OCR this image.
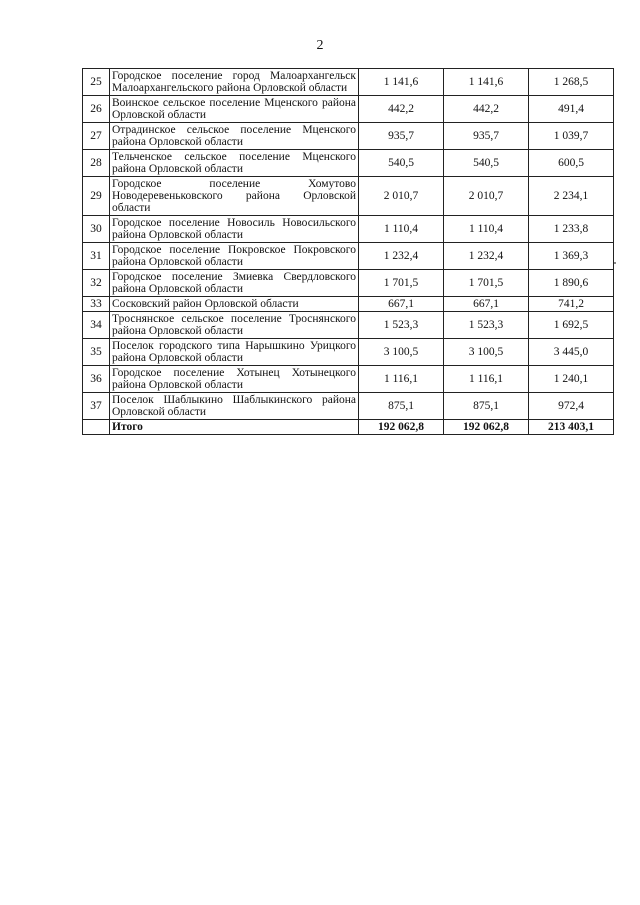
2
25	Городское поселение город Малоархангельск Малоархангельского района Орловской области	1 141,6	1 141,6	1 268,5
26	Воинское сельское поселение Мценского района Орловской области	442,2	442,2	491,4
27	Отрадинское сельское поселение Мценского района Орловской области	935,7	935,7	1 039,7
28	Тельченское сельское поселение Мценского района Орловской области	540,5	540,5	600,5
29	Городское поселение Хомутово Новодеревеньковского района Орловской области	2 010,7	2 010,7	2 234,1
30	Городское поселение Новосиль Новосильского района Орловской области	1 110,4	1 110,4	1 233,8
31	Городское поселение Покровское Покровского района Орловской области	1 232,4	1 232,4	1 369,3
32	Городское поселение Змиевка Свердловского района Орловской области	1 701,5	1 701,5	1 890,6
33	Сосковский район Орловской области	667,1	667,1	741,2
34	Троснянское сельское поселение Троснянского района Орловской области	1 523,3	1 523,3	1 692,5
35	Поселок городского типа Нарышкино Урицкого района Орловской области	3 100,5	3 100,5	3 445,0
36	Городское поселение Хотынец Хотынецкого района Орловской области	1 116,1	1 116,1	1 240,1
37	Поселок Шаблыкино Шаблыкинского района Орловской области	875,1	875,1	972,4
	Итого	192 062,8	192 062,8	213 403,1
